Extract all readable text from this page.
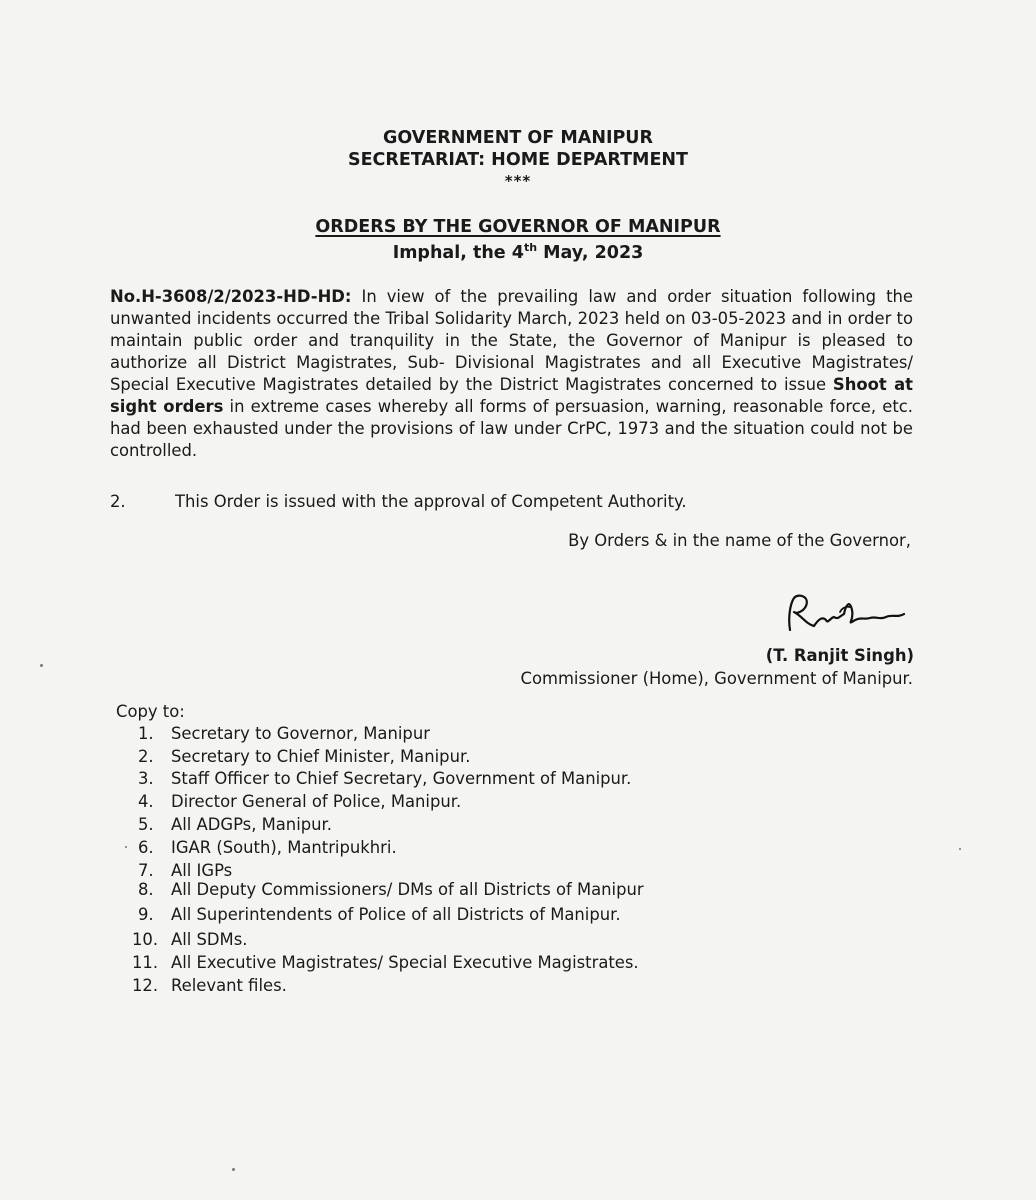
GOVERNMENT OF MANIPUR
SECRETARIAT: HOME DEPARTMENT
***
ORDERS BY THE GOVERNOR OF MANIPUR
Imphal, the 4th May, 2023
No.H-3608/2/2023-HD-HD: In view of the prevailing law and order situation following the unwanted incidents occurred the Tribal Solidarity March, 2023 held on 03-05-2023 and in order to maintain public order and tranquility in the State, the Governor of Manipur is pleased to authorize all District Magistrates, Sub- Divisional Magistrates and all Executive Magistrates/ Special Executive Magistrates detailed by the District Magistrates concerned to issue Shoot at sight orders in extreme cases whereby all forms of persuasion, warning, reasonable force, etc. had been exhausted under the provisions of law under CrPC, 1973 and the situation could not be controlled.
2.	This Order is issued with the approval of Competent Authority.
By Orders & in the name of the Governor,
(T. Ranjit Singh)
Commissioner (Home), Government of Manipur.
Copy to:
1. Secretary to Governor, Manipur
2. Secretary to Chief Minister, Manipur.
3. Staff Officer to Chief Secretary, Government of Manipur.
4. Director General of Police, Manipur.
5. All ADGPs, Manipur.
6. IGAR (South), Mantripukhri.
7. All IGPs
8. All Deputy Commissioners/ DMs of all Districts of Manipur
9. All Superintendents of Police of all Districts of Manipur.
10. All SDMs.
11. All Executive Magistrates/ Special Executive Magistrates.
12. Relevant files.
